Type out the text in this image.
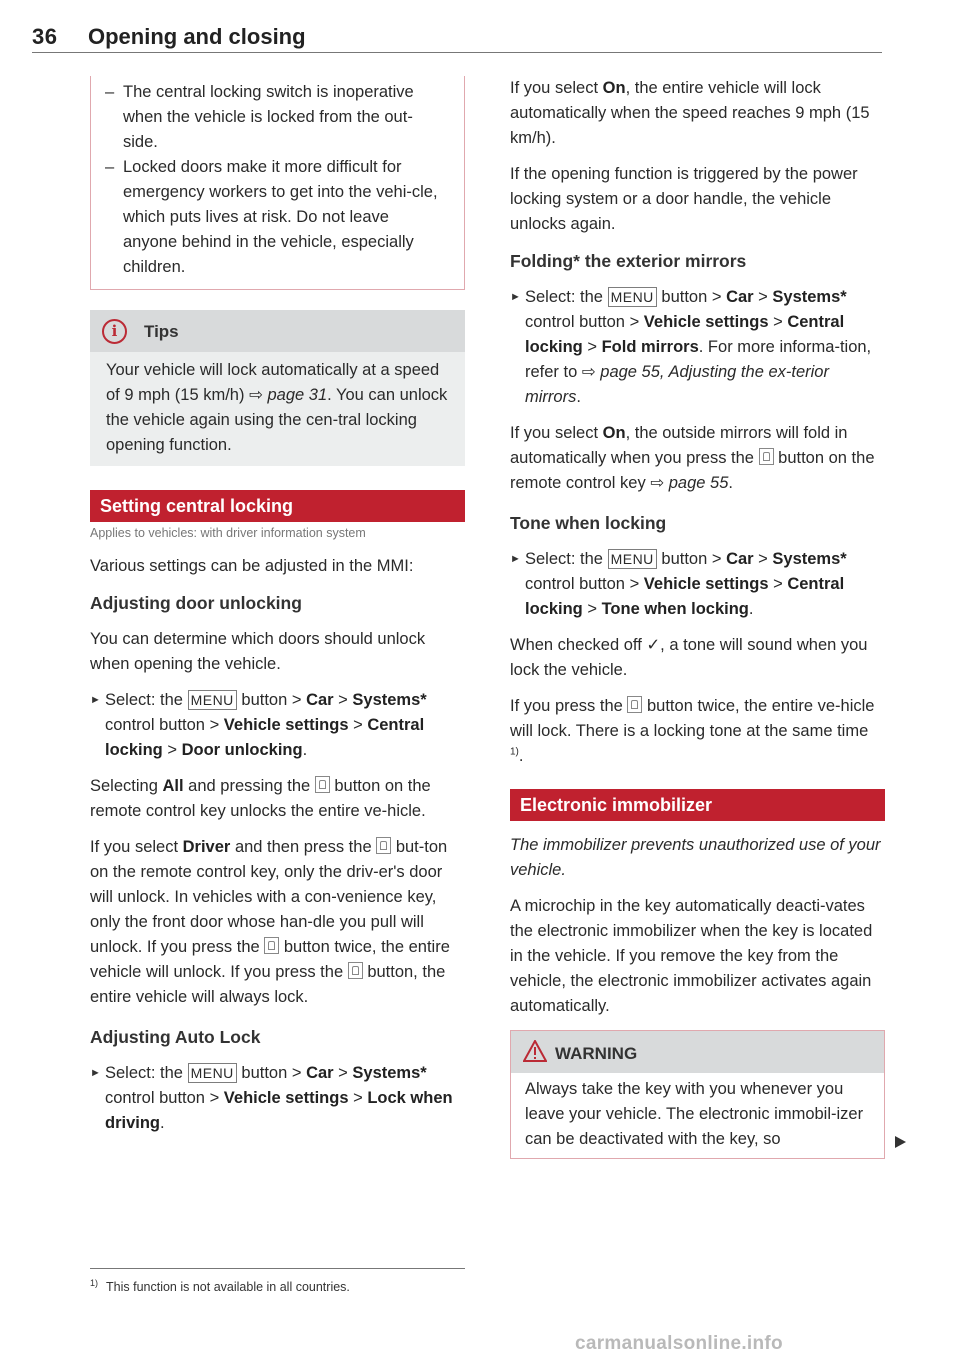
36 Opening and closing

– The central locking switch is inoperative when the vehicle is locked from the out-side.

– Locked doors make it more difficult for emergency workers to get into the vehi-cle, which puts lives at risk. Do not leave anyone behind in the vehicle, especially children.

i	Tips

Your vehicle will lock automatically at a speed of 9 mph (15 km/h) ⇨ page 31. You can unlock the vehicle again using the cen-tral locking opening function.

Setting central locking

Applies to vehicles: with driver information system

Various settings can be adjusted in the MMI:

Adjusting door unlocking

You can determine which doors should unlock when opening the vehicle.

► Select: the MENU button > Car > Systems* control button > Vehicle settings > Central locking > Door unlocking.

Selecting All and pressing the button on the remote control key unlocks the entire ve-hicle.

If you select Driver and then press the but-ton on the remote control key, only the driv-er's door will unlock. In vehicles with a con-venience key, only the front door whose han-dle you pull will unlock. If you press the button twice, the entire vehicle will unlock. If you press the button, the entire vehicle will always lock.

Adjusting Auto Lock

► Select: the MENU button > Car > Systems* control button > Vehicle settings > Lock when driving.

If you select On, the entire vehicle will lock automatically when the speed reaches 9 mph (15 km/h).

If the opening function is triggered by the power locking system or a door handle, the vehicle unlocks again.

Folding* the exterior mirrors

► Select: the MENU button > Car > Systems* control button > Vehicle settings > Central locking > Fold mirrors. For more informa-tion, refer to ⇨ page 55, Adjusting the ex-terior mirrors.

If you select On, the outside mirrors will fold in automatically when you press the button on the remote control key ⇨ page 55.

Tone when locking

► Select: the MENU button > Car > Systems* control button > Vehicle settings > Central locking > Tone when locking.

When checked off ✓, a tone will sound when you lock the vehicle.

If you press the button twice, the entire ve-hicle will lock. There is a locking tone at the same time $^{1)}$.

Electronic immobilizer

The immobilizer prevents unauthorized use of your vehicle.

A microchip in the key automatically deacti-vates the electronic immobilizer when the key is located in the vehicle. If you remove the key from the vehicle, the electronic immobilizer activates again automatically.

WARNING

Always take the key with you whenever you leave your vehicle. The electronic immobil-izer can be deactivated with the key, so

$^{1)}$ This function is not available in all countries.
carmanualsonline.info
